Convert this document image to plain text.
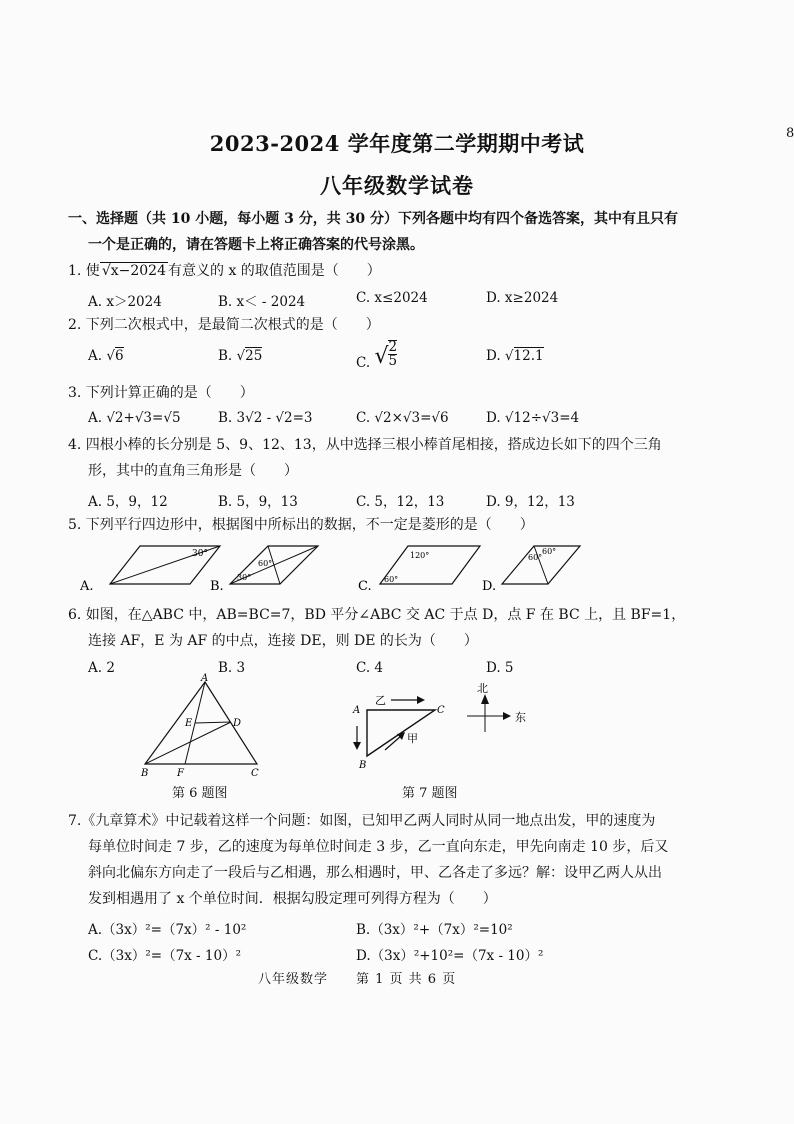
8
2023-2024 学年度第二学期期中考试
八年级数学试卷
一、选择题（共 10 小题，每小题 3 分，共 30 分）下列各题中均有四个备选答案，其中有且只有
一个是正确的，请在答题卡上将正确答案的代号涂黑。
1. 使 √x−2024 有意义的 x 的取值范围是（　　）
A. x＞2024	B. x＜ - 2024	C. x≤2024	D. x≥2024
2. 下列二次根式中，是最简二次根式的是（　　）
A. √6	B. √25	C. √ $\frac{2}{5}$	D. √12.1
3. 下列计算正确的是（　　）
A. √2+√3=√5	B. 3√2 - √2=3	C. √2×√3=√6	D. √12÷√3=4
4. 四根小棒的长分别是 5、9、12、13，从中选择三根小棒首尾相接，搭成边长如下的四个三角
形，其中的直角三角形是（　　）
A. 5，9，12	B. 5，9，13	C. 5，12，13	D. 9，12，13
5. 下列平行四边形中，根据图中所标出的数据，不一定是菱形的是（　　）
30°
A.
60°
30°
B.
120°
60°
C.
60°
60°
D.
6. 如图，在△ABC 中，AB=BC=7，BD 平分∠ABC 交 AC 于点 D，点 F 在 BC 上，且 BF=1，
连接 AF，E 为 AF 的中点，连接 DE，则 DE 的长为（　　）
A. 2	B. 3	C. 4	D. 5
A
E	D
B	F	C
第 6 题图
A	C
B
乙
甲
北
东
第 7 题图
7.《九章算术》中记载着这样一个问题：如图，已知甲乙两人同时从同一地点出发，甲的速度为
每单位时间走 7 步，乙的速度为每单位时间走 3 步，乙一直向东走，甲先向南走 10 步，后又
斜向北偏东方向走了一段后与乙相遇，那么相遇时，甲、乙各走了多远？解：设甲乙两人从出
发到相遇用了 x 个单位时间．根据勾股定理可列得方程为（　　）
A.（3x）²=（7x）² - 10²	B.（3x）²+（7x）²=10²
C.（3x）²=（7x - 10）²	D.（3x）²+10²=（7x - 10）²
八年级数学　　第 1 页 共 6 页
